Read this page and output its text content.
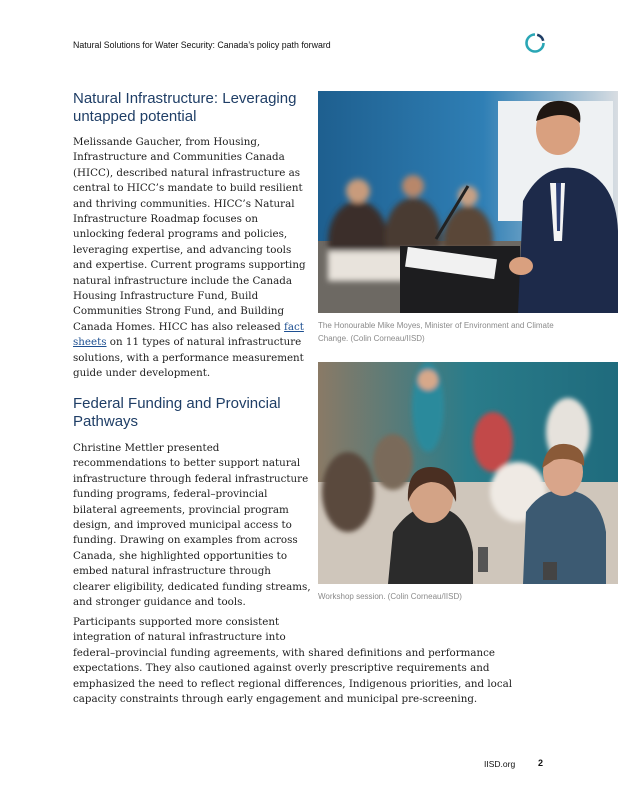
Natural Solutions for Water Security: Canada’s policy path forward
Natural Infrastructure: Leveraging untapped potential

Melissande Gaucher, from Housing, Infrastructure and Communities Canada (HICC), described natural infrastructure as central to HICC’s mandate to build resilient and thriving communities. HICC’s Natural Infrastructure Roadmap focuses on unlocking federal programs and policies, leveraging expertise, and advancing tools and expertise. Current programs supporting natural infrastructure include the Canada Housing Infrastructure Fund, Build Communities Strong Fund, and Building Canada Homes. HICC has also released fact sheets on 11 types of natural infrastructure solutions, with a performance measurement guide under development.

The Honourable Mike Moyes, Minister of Environment and Climate Change. (Colin Corneau/IISD)

Federal Funding and Provincial Pathways

Christine Mettler presented recommendations to better support natural infrastructure through federal infrastructure funding programs, federal–provincial bilateral agreements, provincial program design, and improved municipal access to funding. Drawing on examples from across Canada, she highlighted opportunities to embed natural infrastructure through clearer eligibility, dedicated funding streams, and stronger guidance and tools.	Workshop session. (Colin Corneau/IISD)

Participants supported more consistent
integration of natural infrastructure into
federal–provincial funding agreements, with shared definitions and performance expectations. They also cautioned against overly prescriptive requirements and emphasized the need to reflect regional differences, Indigenous priorities, and local capacity constraints through early engagement and municipal pre-screening.

IISD.org	2
